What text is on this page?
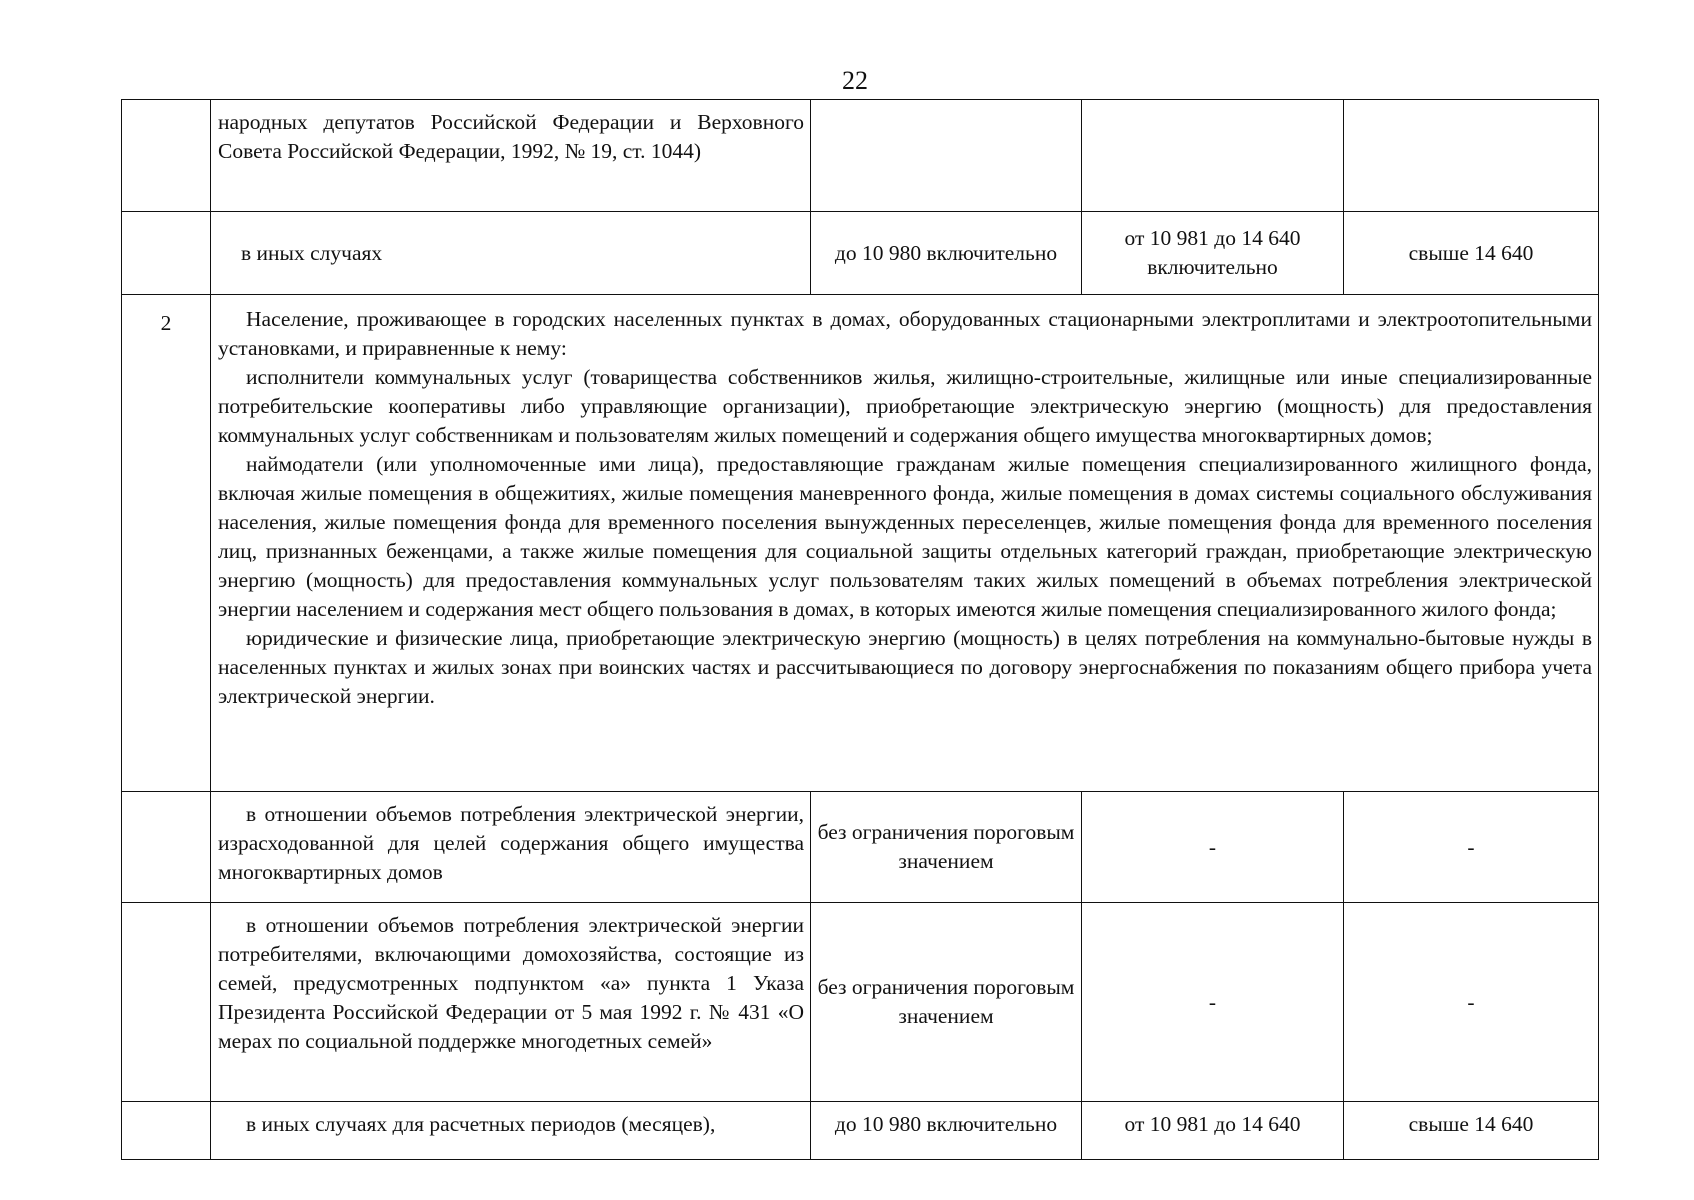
22
	народных депутатов Российской Федерации и Верховного Совета Российской Федерации, 1992, № 19, ст. 1044)			
	в иных случаях	до 10 980 включительно	от 10 981 до 14 640 включительно	свыше 14 640
2	Население, проживающее в городских населенных пунктах в домах, оборудованных стационарными электроплитами и электроотопительными установками, и приравненные к нему:

исполнители коммунальных услуг (товарищества собственников жилья, жилищно-строительные, жилищные или иные специализированные потребительские кооперативы либо управляющие организации), приобретающие электрическую энергию (мощность) для предоставления коммунальных услуг собственникам и пользователям жилых помещений и содержания общего имущества многоквартирных домов;

наймодатели (или уполномоченные ими лица), предоставляющие гражданам жилые помещения специализированного жилищного фонда, включая жилые помещения в общежитиях, жилые помещения маневренного фонда, жилые помещения в домах системы социального обслуживания населения, жилые помещения фонда для временного поселения вынужденных переселенцев, жилые помещения фонда для временного поселения лиц, признанных беженцами, а также жилые помещения для социальной защиты отдельных категорий граждан, приобретающие электрическую энергию (мощность) для предоставления коммунальных услуг пользователям таких жилых помещений в объемах потребления электрической энергии населением и содержания мест общего пользования в домах, в которых имеются жилые помещения специализированного жилого фонда;

юридические и физические лица, приобретающие электрическую энергию (мощность) в целях потребления на коммунально-бытовые нужды в населенных пунктах и жилых зонах при воинских частях и рассчитывающиеся по договору энергоснабжения по показаниям общего прибора учета электрической энергии.			

	в отношении объемов потребления электрической энергии, израсходованной для целей содержания общего имущества многоквартирных домов	без ограничения пороговым значением	-	-
	в отношении объемов потребления электрической энергии потребителями, включающими домохозяйства, состоящие из семей, предусмотренных подпунктом «а» пункта 1 Указа Президента Российской Федерации от 5 мая 1992 г. № 431 «О мерах по социальной поддержке многодетных семей»	без ограничения пороговым значением	-	-

	в иных случаях для расчетных периодов (месяцев),	до 10 980 включительно	от 10 981 до 14 640	свыше 14 640
